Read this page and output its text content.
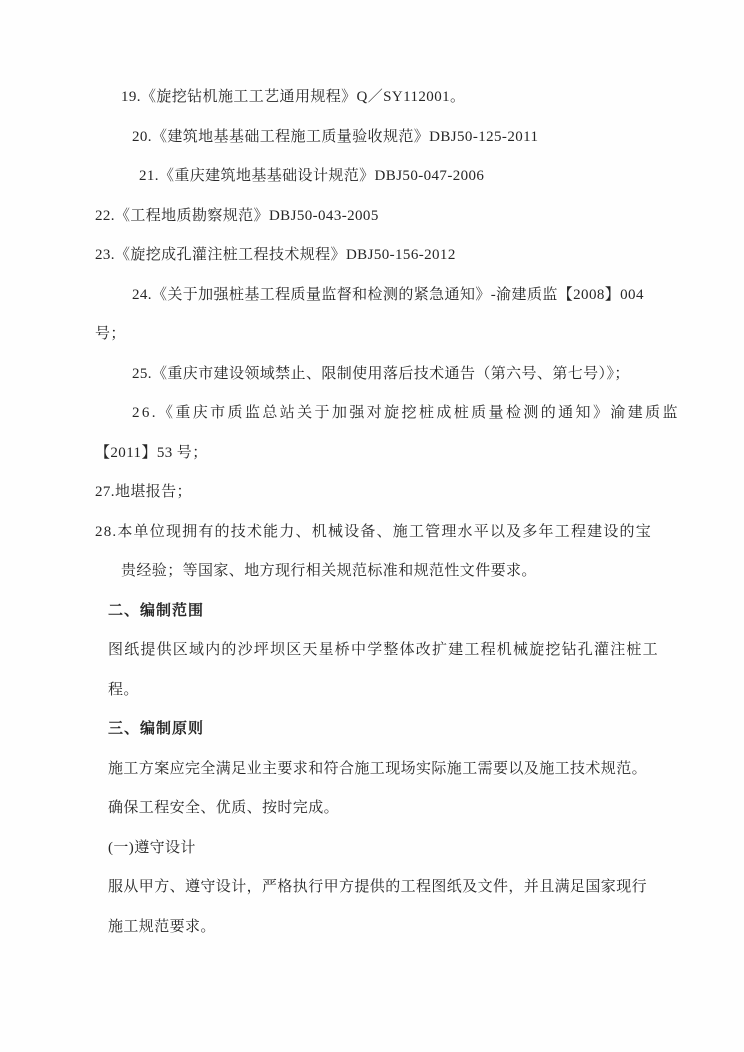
19.《旋挖钻机施工工艺通用规程》Q／SY112001。
20.《建筑地基基础工程施工质量验收规范》DBJ50-125-2011
21.《重庆建筑地基基础设计规范》DBJ50-047-2006
22.《工程地质勘察规范》DBJ50-043-2005
23.《旋挖成孔灌注桩工程技术规程》DBJ50-156-2012
24.《关于加强桩基工程质量监督和检测的紧急通知》-渝建质监【2008】004
号；
25.《重庆市建设领域禁止、限制使用落后技术通告（第六号、第七号）》；
26.《重庆市质监总站关于加强对旋挖桩成桩质量检测的通知》渝建质监
【2011】53 号；
27.地堪报告；
28.本单位现拥有的技术能力、机械设备、施工管理水平以及多年工程建设的宝
贵经验；等国家、地方现行相关规范标准和规范性文件要求。
二、编制范围
图纸提供区域内的沙坪坝区天星桥中学整体改扩建工程机械旋挖钻孔灌注桩工
程。
三、编制原则
施工方案应完全满足业主要求和符合施工现场实际施工需要以及施工技术规范。
确保工程安全、优质、按时完成。
(一)遵守设计
服从甲方、遵守设计，严格执行甲方提供的工程图纸及文件，并且满足国家现行
施工规范要求。
